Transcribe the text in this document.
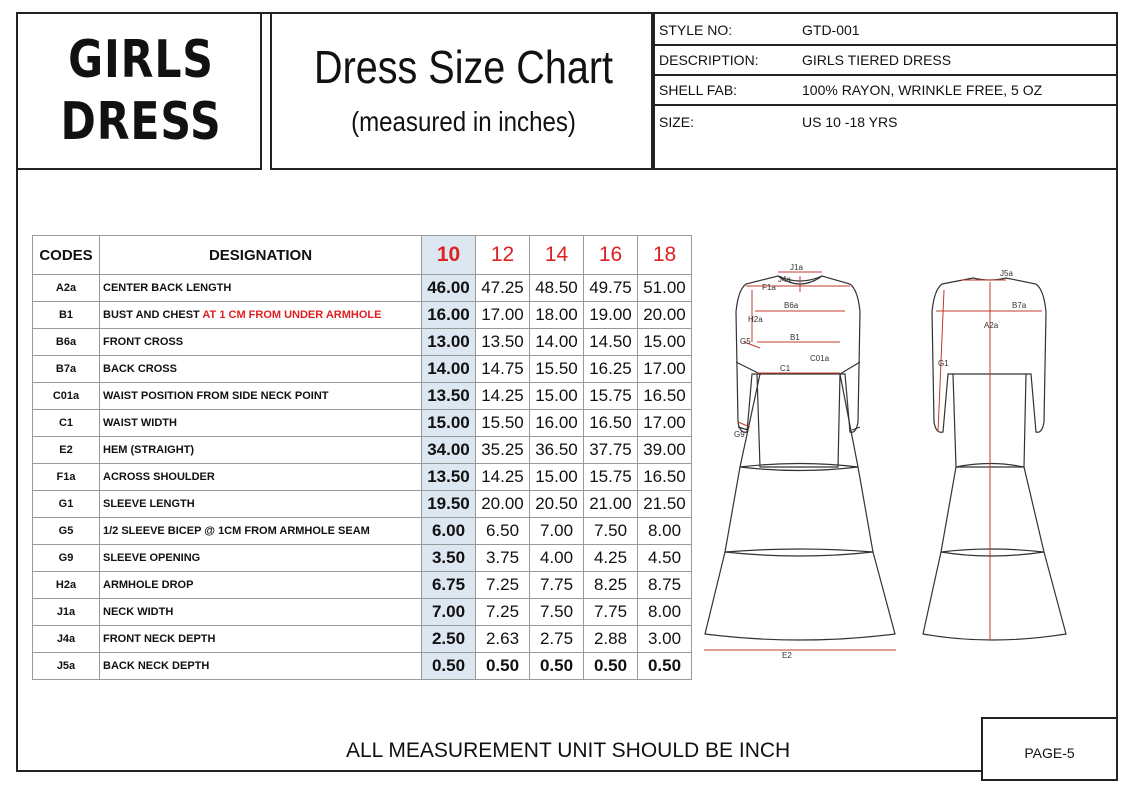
GIRLS
DRESS
Dress Size Chart
(measured in inches)
STYLE NO:	GTD-001
DESCRIPTION:	GIRLS TIERED DRESS
SHELL FAB:	100% RAYON, WRINKLE FREE, 5 OZ
SIZE:	US 10 -18 YRS
CODES	DESIGNATION	10	12	14	16	18
A2a	CENTER BACK LENGTH	46.00	47.25	48.50	49.75	51.00
B1	BUST AND CHEST AT 1 CM FROM UNDER ARMHOLE	16.00	17.00	18.00	19.00	20.00
B6a	FRONT CROSS	13.00	13.50	14.00	14.50	15.00
B7a	BACK CROSS	14.00	14.75	15.50	16.25	17.00
C01a	WAIST POSITION FROM SIDE NECK POINT	13.50	14.25	15.00	15.75	16.50
C1	WAIST WIDTH	15.00	15.50	16.00	16.50	17.00
E2	HEM (STRAIGHT)	34.00	35.25	36.50	37.75	39.00
F1a	ACROSS SHOULDER	13.50	14.25	15.00	15.75	16.50
G1	SLEEVE LENGTH	19.50	20.00	20.50	21.00	21.50
G5	1/2 SLEEVE BICEP @ 1CM FROM ARMHOLE SEAM	6.00	6.50	7.00	7.50	8.00
G9	SLEEVE OPENING	3.50	3.75	4.00	4.25	4.50
H2a	ARMHOLE DROP	6.75	7.25	7.75	8.25	8.75
J1a	NECK WIDTH	7.00	7.25	7.50	7.75	8.00
J4a	FRONT NECK DEPTH	2.50	2.63	2.75	2.88	3.00
J5a	BACK NECK DEPTH	0.50	0.50	0.50	0.50	0.50
J1a
J4a
F1a
B6a
H2a
G5	B1
C01a
C1
G9
E2
J5a
B7a
A2a
G1
ALL MEASUREMENT UNIT SHOULD BE INCH	PAGE-5
